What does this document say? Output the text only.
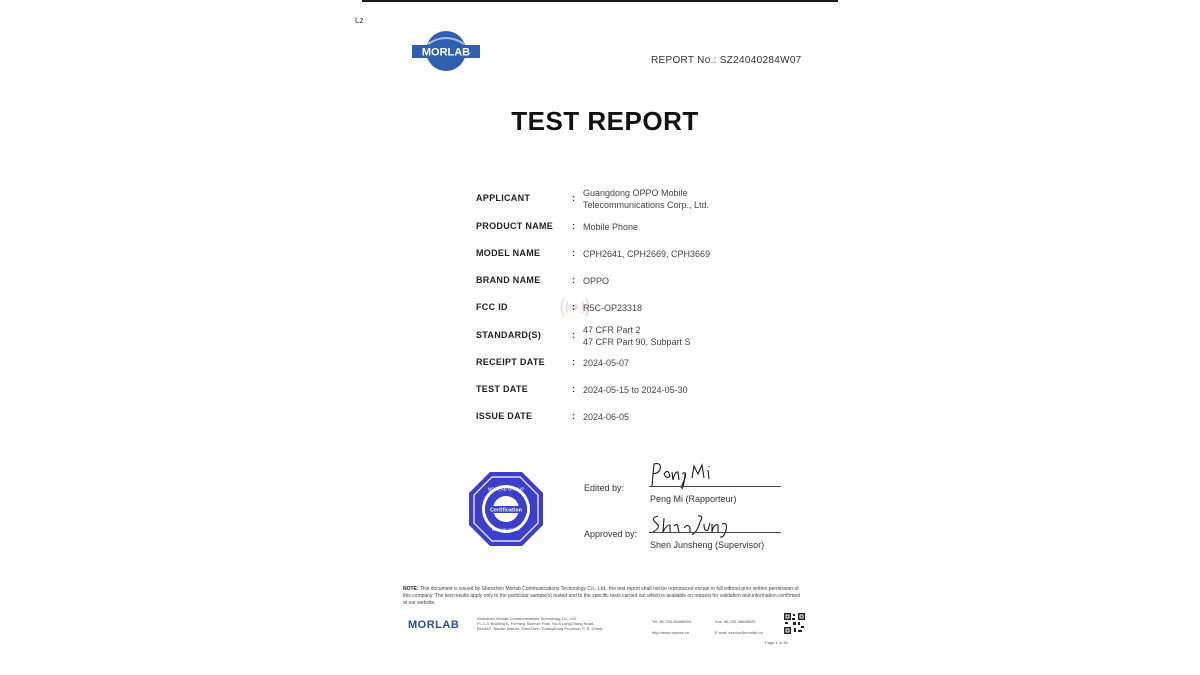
Lz
MORLAB
REPORT No.: SZ24040284W07
TEST REPORT
APPLICANT	: Guangdong OPPO Mobile
Telecommunications Corp., Ltd.
PRODUCT NAME : Mobile Phone
MODEL NAME	: CPH2641, CPH2669, CPH3669
BRAND NAME	: OPPO
FCC ID	: R5C-OP23318
STANDARD(S)	: 47 CFR Part 2
47 CFR Part 90, Subpart S
RECEIPT DATE	: 2024-05-07
TEST DATE	: 2024-05-15 to 2024-05-30
ISSUE DATE	: 2024-06-05
MORLAB GROUP
Certification
MORLAB GROUP
Edited by:
Peng Mi (Rapporteur)
Approved by:
Shen Junsheng (Supervisor)
NOTE: This document is issued by Shenzhen Morlab Communications Technology Co., Ltd., the test report shall not be reproduced except in full without prior written permission of this company. The test results apply only to the particular sample(s) tested and to the specific tests carried out which is available on request for validation and information confirmed at our website.
MORLAB
Shenzhen Morlab Communications Technology Co., Ltd.
FL.1-3, Building A, FeiYang Science Park, No.8 LongChang Road,
Block67, BaoAn District, ShenZhen, GuangDong Province, P. R. China
Tel: 86-755-36698555
http://www.morlab.cn
Fax: 86-755-36698525
E-mail: service@morlab.cn
Page 1 of 36
